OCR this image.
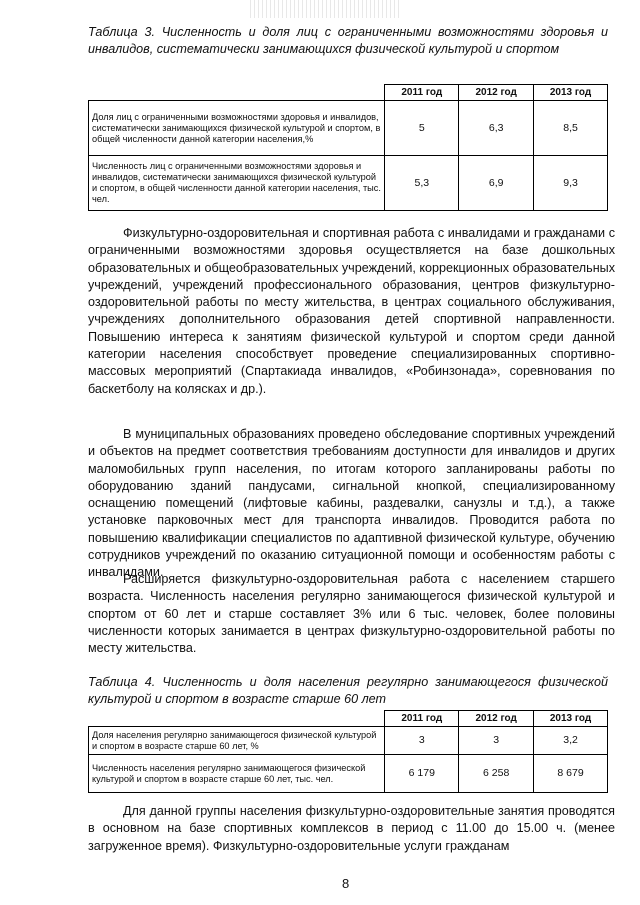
Таблица 3. Численность и доля лиц с ограниченными возможностями здоровья и инвалидов, систематически занимающихся физической культурой и спортом
	2011 год	2012 год	2013 год
Доля лиц с ограниченными возможностями здоровья и инвалидов, систематически занимающихся физической культурой и спортом, в общей численности данной категории населения,%	5	6,3	8,5
Численность лиц с ограниченными возможностями здоровья и инвалидов, систематически занимающихся физической культурой и спортом, в общей численности данной категории населения, тыс. чел.	5,3	6,9	9,3
Физкультурно-оздоровительная и спортивная работа с инвалидами и гражданами с ограниченными возможностями здоровья осуществляется на базе дошкольных образовательных и общеобразовательных учреждений, коррекционных образовательных учреждений, учреждений профессионального образования, центров физкультурно-оздоровительной работы по месту жительства, в центрах социального обслуживания, учреждениях дополнительного образования детей спортивной направленности. Повышению интереса к занятиям физической культурой и спортом среди данной категории населения способствует проведение специализированных спортивно-массовых мероприятий (Спартакиада инвалидов, «Робинзонада», соревнования по баскетболу на колясках и др.).
В муниципальных образованиях проведено обследование спортивных учреждений и объектов на предмет соответствия требованиям доступности для инвалидов и других маломобильных групп населения, по итогам которого запланированы работы по оборудованию зданий пандусами, сигнальной кнопкой, специализированному оснащению помещений (лифтовые кабины, раздевалки, санузлы и т.д.), а также установке парковочных мест для транспорта инвалидов. Проводится работа по повышению квалификации специалистов по адаптивной физической культуре, обучению сотрудников учреждений по оказанию ситуационной помощи и особенностям работы с инвалидами.
Расширяется физкультурно-оздоровительная работа с населением старшего возраста. Численность населения регулярно занимающегося физической культурой и спортом от 60 лет и старше составляет 3% или 6 тыс. человек, более половины численности которых занимается в центрах физкультурно-оздоровительной работы по месту жительства.
Таблица 4. Численность и доля населения регулярно занимающегося физической культурой и спортом в возрасте старше 60 лет
	2011 год	2012 год	2013 год
Доля населения регулярно занимающегося физической культурой и спортом в возрасте старше 60 лет, %	3	3	3,2
Численность населения регулярно занимающегося физической культурой и спортом в возрасте старше 60 лет, тыс. чел.	6 179	6 258	8 679
Для данной группы населения физкультурно-оздоровительные занятия проводятся в основном на базе спортивных комплексов в период с 11.00 до 15.00 ч. (менее загруженное время). Физкультурно-оздоровительные услуги гражданам
8
